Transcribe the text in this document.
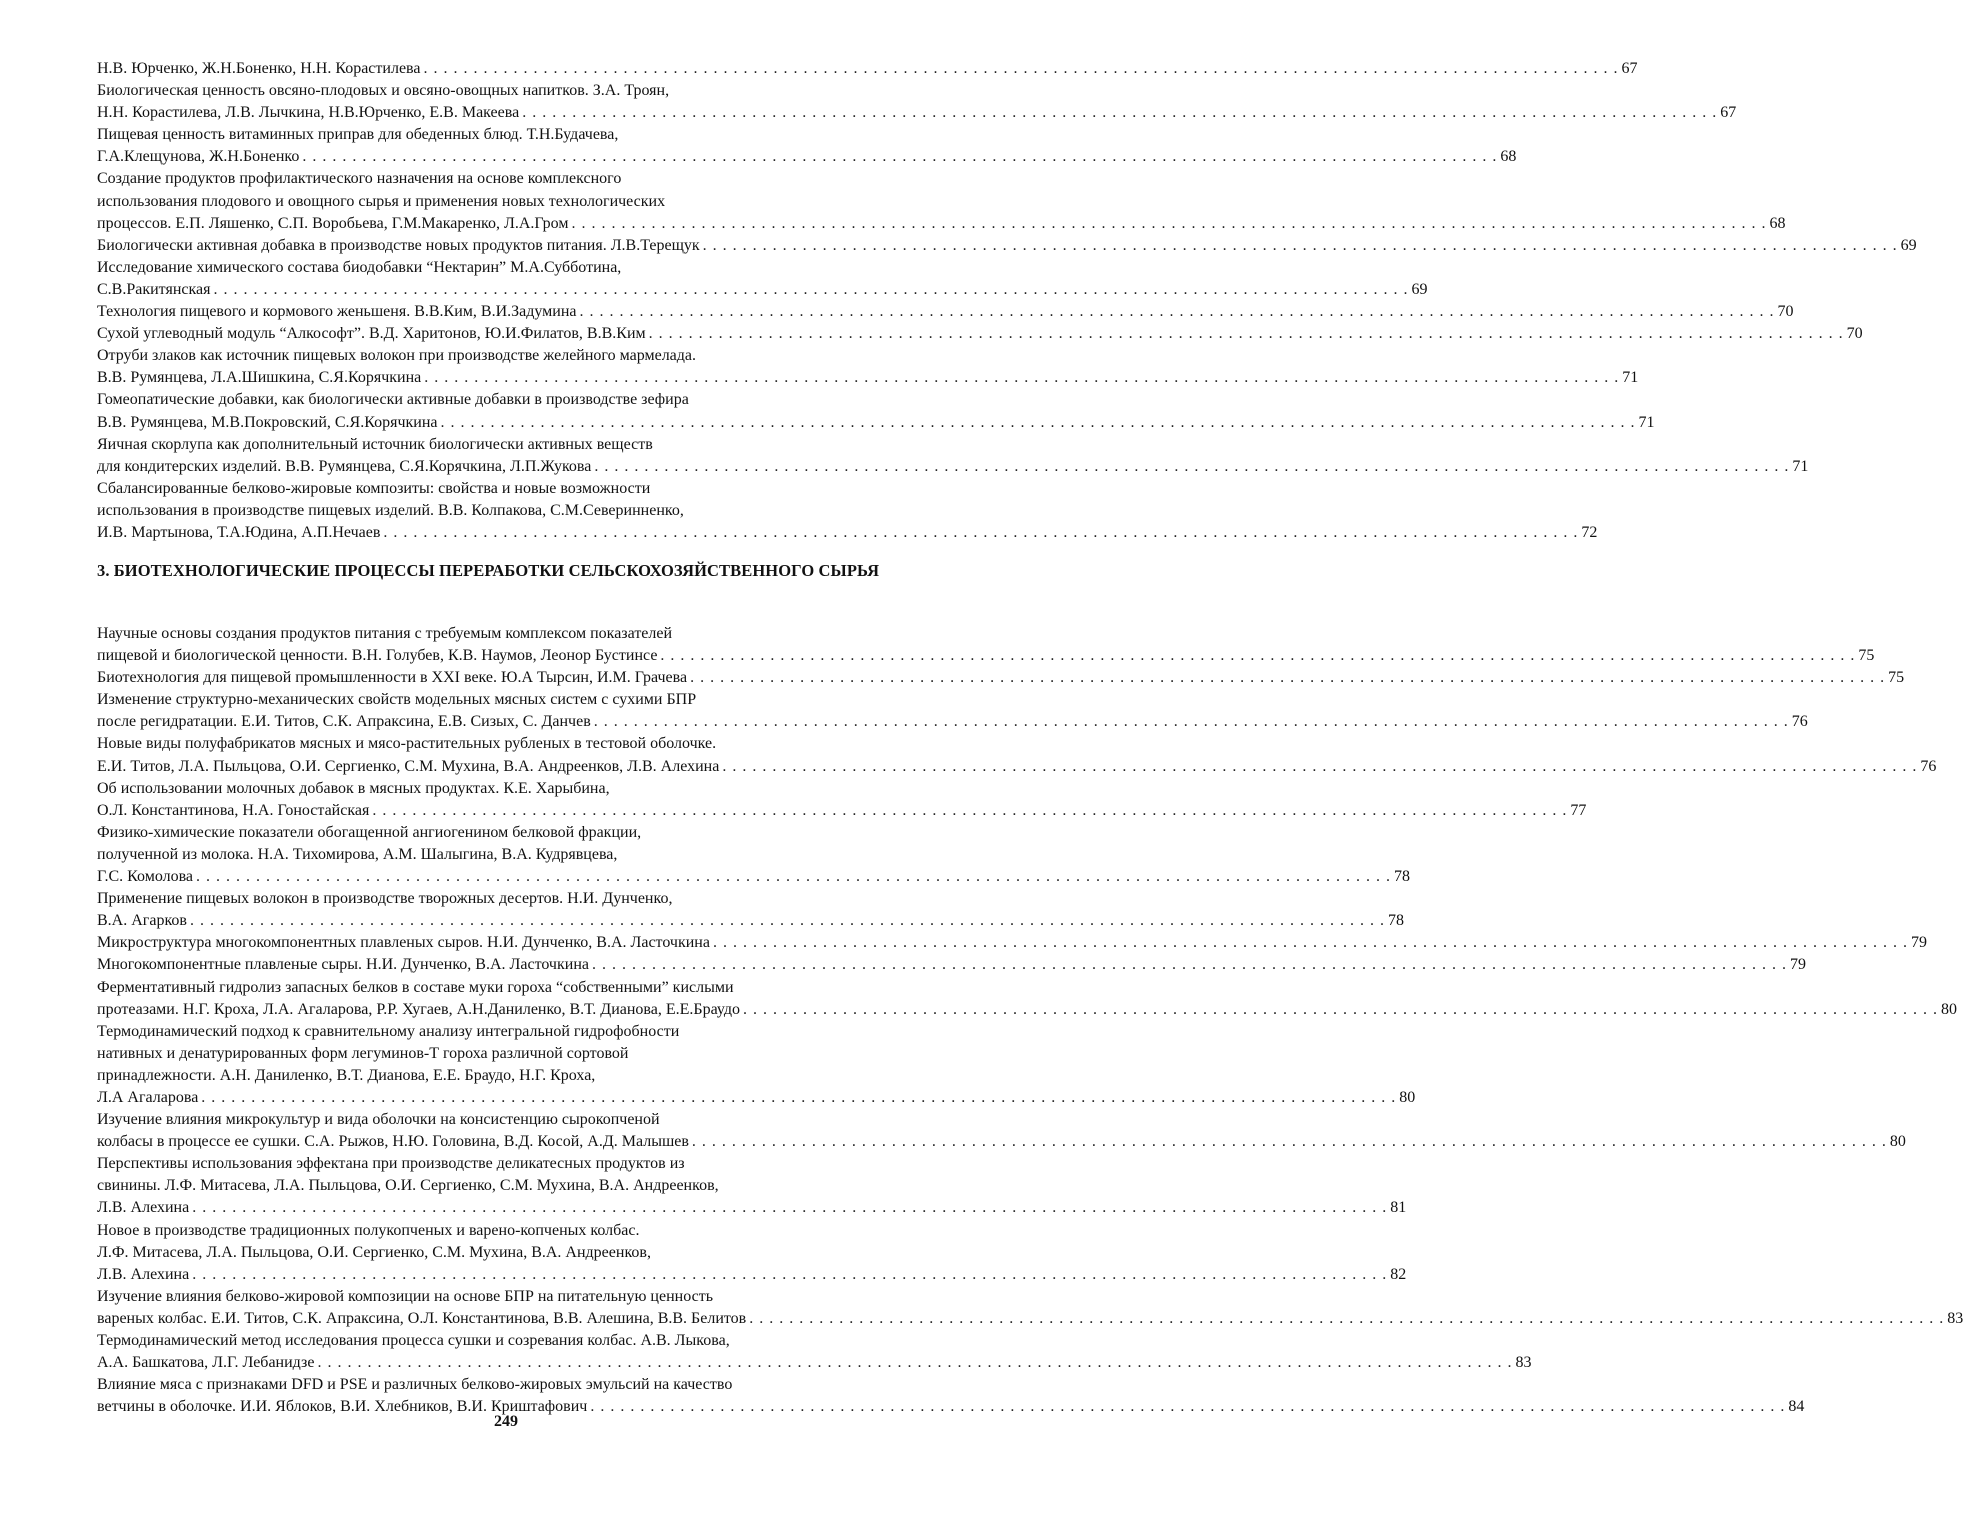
Н.В. Юрченко, Ж.Н.Боненко, Н.Н. Корастилева . . . . . . . . . . . . . . . . . . . . . . . . . . . . . . . . . . . . . . . . . . . . . . . . . . . . . . . . . . . . . . . . . . . . . . . . . . . . . . . . . . . . . . . . . . . . . . . . . . . . . . . . . . . . . . . . . . . . . . . . 67
Биологическая ценность овсяно-плодовых и овсяно-овощных напитков. З.А. Троян,
Н.Н. Корастилева, Л.В. Лычкина, Н.В.Юрченко, Е.В. Макеева . . . . . . . . . . . . . . . . . . . . . . . . . . . . . . . . . . . . . . . . . . . . . . . . . . . . . . . . . . . . . . . . . . . . . . . . . . . . . . . . . . . . . . . . . . . . . . . . . . . . . . . . . . . . . . . . . . . . . . . . 67
Пищевая ценность витаминных приправ для обеденных блюд. Т.Н.Будачева,
Г.А.Клещунова, Ж.Н.Боненко . . . . . . . . . . . . . . . . . . . . . . . . . . . . . . . . . . . . . . . . . . . . . . . . . . . . . . . . . . . . . . . . . . . . . . . . . . . . . . . . . . . . . . . . . . . . . . . . . . . . . . . . . . . . . . . . . . . . . . . . 68
Создание продуктов профилактического назначения на основе комплексного
использования плодового и овощного сырья и применения новых технологических
процессов. Е.П. Ляшенко, С.П. Воробьева, Г.М.Макаренко, Л.А.Гром . . . . . . . . . . . . . . . . . . . . . . . . . . . . . . . . . . . . . . . . . . . . . . . . . . . . . . . . . . . . . . . . . . . . . . . . . . . . . . . . . . . . . . . . . . . . . . . . . . . . . . . . . . . . . . . . . . . . . . . . 68
Биологически активная добавка в производстве новых продуктов питания. Л.В.Терещук . . . . . . . . . . . . . . . . . . . . . . . . . . . . . . . . . . . . . . . . . . . . . . . . . . . . . . . . . . . . . . . . . . . . . . . . . . . . . . . . . . . . . . . . . . . . . . . . . . . . . . . . . . . . . . . . . . . . . . . . 69
Исследование химического состава биодобавки “Нектарин” М.А.Субботина,
С.В.Ракитянская . . . . . . . . . . . . . . . . . . . . . . . . . . . . . . . . . . . . . . . . . . . . . . . . . . . . . . . . . . . . . . . . . . . . . . . . . . . . . . . . . . . . . . . . . . . . . . . . . . . . . . . . . . . . . . . . . . . . . . . . 69
Технология пищевого и кормового женьшеня. В.В.Ким, В.И.Задумина . . . . . . . . . . . . . . . . . . . . . . . . . . . . . . . . . . . . . . . . . . . . . . . . . . . . . . . . . . . . . . . . . . . . . . . . . . . . . . . . . . . . . . . . . . . . . . . . . . . . . . . . . . . . . . . . . . . . . . . . 70
Сухой углеводный модуль “Алкософт”. В.Д. Харитонов, Ю.И.Филатов, В.В.Ким . . . . . . . . . . . . . . . . . . . . . . . . . . . . . . . . . . . . . . . . . . . . . . . . . . . . . . . . . . . . . . . . . . . . . . . . . . . . . . . . . . . . . . . . . . . . . . . . . . . . . . . . . . . . . . . . . . . . . . . . 70
Отруби злаков как источник пищевых волокон при производстве желейного мармелада.
В.В. Румянцева, Л.А.Шишкина, С.Я.Корячкина . . . . . . . . . . . . . . . . . . . . . . . . . . . . . . . . . . . . . . . . . . . . . . . . . . . . . . . . . . . . . . . . . . . . . . . . . . . . . . . . . . . . . . . . . . . . . . . . . . . . . . . . . . . . . . . . . . . . . . . . 71
Гомеопатические добавки, как биологически активные добавки в производстве зефира
В.В. Румянцева, М.В.Покровский, С.Я.Корячкина . . . . . . . . . . . . . . . . . . . . . . . . . . . . . . . . . . . . . . . . . . . . . . . . . . . . . . . . . . . . . . . . . . . . . . . . . . . . . . . . . . . . . . . . . . . . . . . . . . . . . . . . . . . . . . . . . . . . . . . . 71
Яичная скорлупа как дополнительный источник биологически активных веществ
для кондитерских изделий. В.В. Румянцева, С.Я.Корячкина, Л.П.Жукова . . . . . . . . . . . . . . . . . . . . . . . . . . . . . . . . . . . . . . . . . . . . . . . . . . . . . . . . . . . . . . . . . . . . . . . . . . . . . . . . . . . . . . . . . . . . . . . . . . . . . . . . . . . . . . . . . . . . . . . . 71
Сбалансированные белково-жировые композиты: свойства и новые возможности
использования в производстве пищевых изделий. В.В. Колпакова, С.М.Северинненко,
И.В. Мартынова, Т.А.Юдина, А.П.Нечаев . . . . . . . . . . . . . . . . . . . . . . . . . . . . . . . . . . . . . . . . . . . . . . . . . . . . . . . . . . . . . . . . . . . . . . . . . . . . . . . . . . . . . . . . . . . . . . . . . . . . . . . . . . . . . . . . . . . . . . . . 72
3. БИОТЕХНОЛОГИЧЕСКИЕ ПРОЦЕССЫ ПЕРЕРАБОТКИ СЕЛЬСКОХОЗЯЙСТВЕННОГО СЫРЬЯ
Научные основы создания продуктов питания с требуемым комплексом показателей
пищевой и биологической ценности. В.Н. Голубев, К.В. Наумов, Леонор Бустинсе . . . . . . . . . . . . . . . . . . . . . . . . . . . . . . . . . . . . . . . . . . . . . . . . . . . . . . . . . . . . . . . . . . . . . . . . . . . . . . . . . . . . . . . . . . . . . . . . . . . . . . . . . . . . . . . . . . . . . . . . 75
Биотехнология для пищевой промышленности в XXI веке. Ю.А Тырсин, И.М. Грачева . . . . . . . . . . . . . . . . . . . . . . . . . . . . . . . . . . . . . . . . . . . . . . . . . . . . . . . . . . . . . . . . . . . . . . . . . . . . . . . . . . . . . . . . . . . . . . . . . . . . . . . . . . . . . . . . . . . . . . . . 75
Изменение структурно-механических свойств модельных мясных систем с сухими БПР
после регидратации. Е.И. Титов, С.К. Апраксина, Е.В. Сизых, С. Данчев . . . . . . . . . . . . . . . . . . . . . . . . . . . . . . . . . . . . . . . . . . . . . . . . . . . . . . . . . . . . . . . . . . . . . . . . . . . . . . . . . . . . . . . . . . . . . . . . . . . . . . . . . . . . . . . . . . . . . . . . 76
Новые виды полуфабрикатов мясных и мясо-растительных рубленых в тестовой оболочке.
Е.И. Титов, Л.А. Пыльцова, О.И. Сергиенко, С.М. Мухина, В.А. Андреенков, Л.В. Алехина . . . . . . . . . . . . . . . . . . . . . . . . . . . . . . . . . . . . . . . . . . . . . . . . . . . . . . . . . . . . . . . . . . . . . . . . . . . . . . . . . . . . . . . . . . . . . . . . . . . . . . . . . . . . . . . . . . . . . . . . 76
Об использовании молочных добавок в мясных продуктах. К.Е. Харыбина,
О.Л. Константинова, Н.А. Гоностайская . . . . . . . . . . . . . . . . . . . . . . . . . . . . . . . . . . . . . . . . . . . . . . . . . . . . . . . . . . . . . . . . . . . . . . . . . . . . . . . . . . . . . . . . . . . . . . . . . . . . . . . . . . . . . . . . . . . . . . . . 77
Физико-химические показатели обогащенной ангиогенином белковой фракции,
полученной из молока. Н.А. Тихомирова, А.М. Шалыгина, В.А. Кудрявцева,
Г.С. Комолова . . . . . . . . . . . . . . . . . . . . . . . . . . . . . . . . . . . . . . . . . . . . . . . . . . . . . . . . . . . . . . . . . . . . . . . . . . . . . . . . . . . . . . . . . . . . . . . . . . . . . . . . . . . . . . . . . . . . . . . . 78
Применение пищевых волокон в производстве творожных десертов. Н.И. Дунченко,
В.А. Агарков . . . . . . . . . . . . . . . . . . . . . . . . . . . . . . . . . . . . . . . . . . . . . . . . . . . . . . . . . . . . . . . . . . . . . . . . . . . . . . . . . . . . . . . . . . . . . . . . . . . . . . . . . . . . . . . . . . . . . . . . 78
Микроструктура многокомпонентных плавленых сыров. Н.И. Дунченко, В.А. Ласточкина . . . . . . . . . . . . . . . . . . . . . . . . . . . . . . . . . . . . . . . . . . . . . . . . . . . . . . . . . . . . . . . . . . . . . . . . . . . . . . . . . . . . . . . . . . . . . . . . . . . . . . . . . . . . . . . . . . . . . . . . 79
Многокомпонентные плавленые сыры. Н.И. Дунченко, В.А. Ласточкина . . . . . . . . . . . . . . . . . . . . . . . . . . . . . . . . . . . . . . . . . . . . . . . . . . . . . . . . . . . . . . . . . . . . . . . . . . . . . . . . . . . . . . . . . . . . . . . . . . . . . . . . . . . . . . . . . . . . . . . . 79
Ферментативный гидролиз запасных белков в составе муки гороха “собственными” кислыми
протеазами. Н.Г. Кроха, Л.А. Агаларова, Р.Р. Хугаев, А.Н.Даниленко, В.Т. Дианова, Е.Е.Браудо . . . . . . . . . . . . . . . . . . . . . . . . . . . . . . . . . . . . . . . . . . . . . . . . . . . . . . . . . . . . . . . . . . . . . . . . . . . . . . . . . . . . . . . . . . . . . . . . . . . . . . . . . . . . . . . . . . . . . . . . 80
Термодинамический подход к сравнительному анализу интегральной гидрофобности
нативных и денатурированных форм легуминов-Т гороха различной сортовой
принадлежности. А.Н. Даниленко, В.Т. Дианова, Е.Е. Браудо, Н.Г. Кроха,
Л.А Агаларова . . . . . . . . . . . . . . . . . . . . . . . . . . . . . . . . . . . . . . . . . . . . . . . . . . . . . . . . . . . . . . . . . . . . . . . . . . . . . . . . . . . . . . . . . . . . . . . . . . . . . . . . . . . . . . . . . . . . . . . . 80
Изучение влияния микрокультур и вида оболочки на консистенцию сырокопченой
колбасы в процессе ее сушки. С.А. Рыжов, Н.Ю. Головина, В.Д. Косой, А.Д. Малышев . . . . . . . . . . . . . . . . . . . . . . . . . . . . . . . . . . . . . . . . . . . . . . . . . . . . . . . . . . . . . . . . . . . . . . . . . . . . . . . . . . . . . . . . . . . . . . . . . . . . . . . . . . . . . . . . . . . . . . . . 80
Перспективы использования эффектана при производстве деликатесных продуктов из
свинины. Л.Ф. Митасева, Л.А. Пыльцова, О.И. Сергиенко, С.М. Мухина, В.А. Андреенков,
Л.В. Алехина . . . . . . . . . . . . . . . . . . . . . . . . . . . . . . . . . . . . . . . . . . . . . . . . . . . . . . . . . . . . . . . . . . . . . . . . . . . . . . . . . . . . . . . . . . . . . . . . . . . . . . . . . . . . . . . . . . . . . . . . 81
Новое в производстве традиционных полукопченых и варено-копченых колбас.
Л.Ф. Митасева, Л.А. Пыльцова, О.И. Сергиенко, С.М. Мухина, В.А. Андреенков,
Л.В. Алехина . . . . . . . . . . . . . . . . . . . . . . . . . . . . . . . . . . . . . . . . . . . . . . . . . . . . . . . . . . . . . . . . . . . . . . . . . . . . . . . . . . . . . . . . . . . . . . . . . . . . . . . . . . . . . . . . . . . . . . . . 82
Изучение влияния белково-жировой композиции на основе БПР на питательную ценность
вареных колбас. Е.И. Титов, С.К. Апраксина, О.Л. Константинова, В.В. Алешина, В.В. Белитов . . . . . . . . . . . . . . . . . . . . . . . . . . . . . . . . . . . . . . . . . . . . . . . . . . . . . . . . . . . . . . . . . . . . . . . . . . . . . . . . . . . . . . . . . . . . . . . . . . . . . . . . . . . . . . . . . . . . . . . . 83
Термодинамический метод исследования процесса сушки и созревания колбас. А.В. Лыкова,
А.А. Башкатова, Л.Г. Лебанидзе . . . . . . . . . . . . . . . . . . . . . . . . . . . . . . . . . . . . . . . . . . . . . . . . . . . . . . . . . . . . . . . . . . . . . . . . . . . . . . . . . . . . . . . . . . . . . . . . . . . . . . . . . . . . . . . . . . . . . . . . 83
Влияние мяса с признаками DFD и PSE и различных белково-жировых эмульсий на качество
ветчины в оболочке. И.И. Яблоков, В.И. Хлебников, В.И. Криштафович . . . . . . . . . . . . . . . . . . . . . . . . . . . . . . . . . . . . . . . . . . . . . . . . . . . . . . . . . . . . . . . . . . . . . . . . . . . . . . . . . . . . . . . . . . . . . . . . . . . . . . . . . . . . . . . . . . . . . . . . 84
249
